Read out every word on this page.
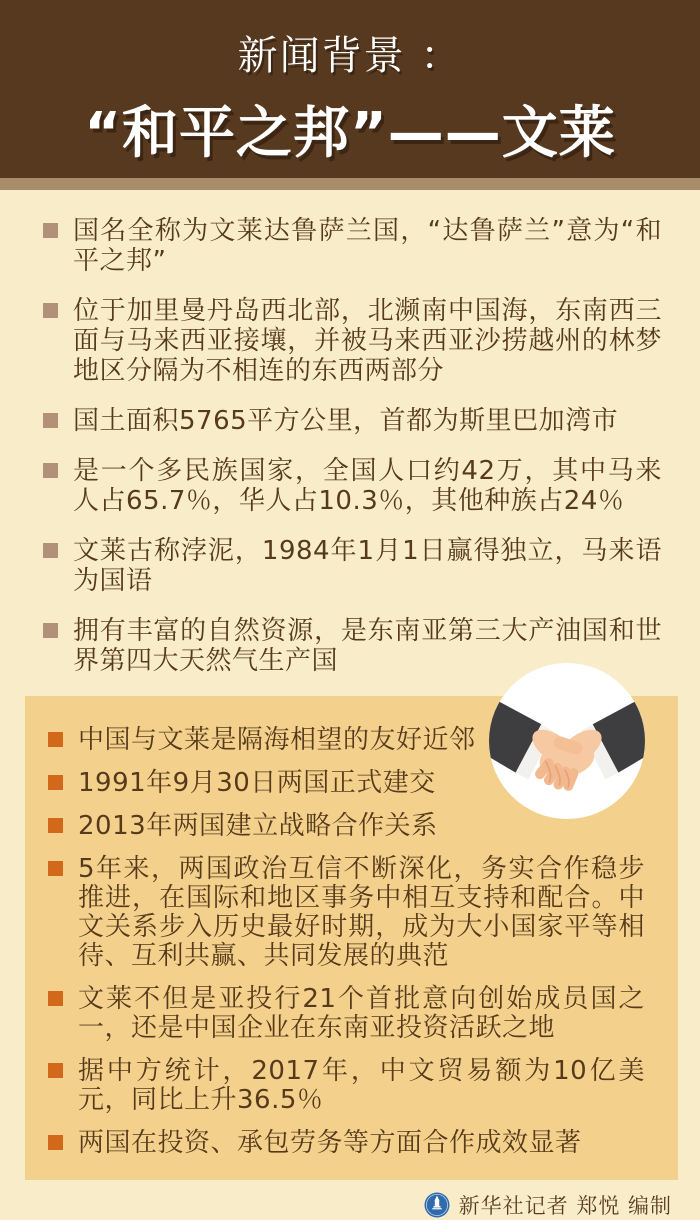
新闻背景 ：
“和平之邦”——文莱
国名全称为文莱达鲁萨兰国，“达鲁萨兰”意为“和平之邦”
位于加里曼丹岛西北部，北濒南中国海，东南西三面与马来西亚接壤，并被马来西亚沙捞越州的林梦地区分隔为不相连的东西两部分
国土面积5765平方公里，首都为斯里巴加湾市
是一个多民族国家，全国人口约42万，其中马来人占65.7％，华人占10.3％，其他种族占24％
文莱古称浡泥，1984年1月1日赢得独立，马来语为国语
拥有丰富的自然资源，是东南亚第三大产油国和世界第四大天然气生产国
中国与文莱是隔海相望的友好近邻
1991年9月30日两国正式建交
2013年两国建立战略合作关系
5年来，两国政治互信不断深化，务实合作稳步推进，在国际和地区事务中相互支持和配合。中文关系步入历史最好时期，成为大小国家平等相待、互利共赢、共同发展的典范
文莱不但是亚投行21个首批意向创始成员国之一，还是中国企业在东南亚投资活跃之地
据中方统计，2017年，中文贸易额为10亿美元，同比上升36.5％
两国在投资、承包劳务等方面合作成效显著
新华社记者 郑悦 编制
